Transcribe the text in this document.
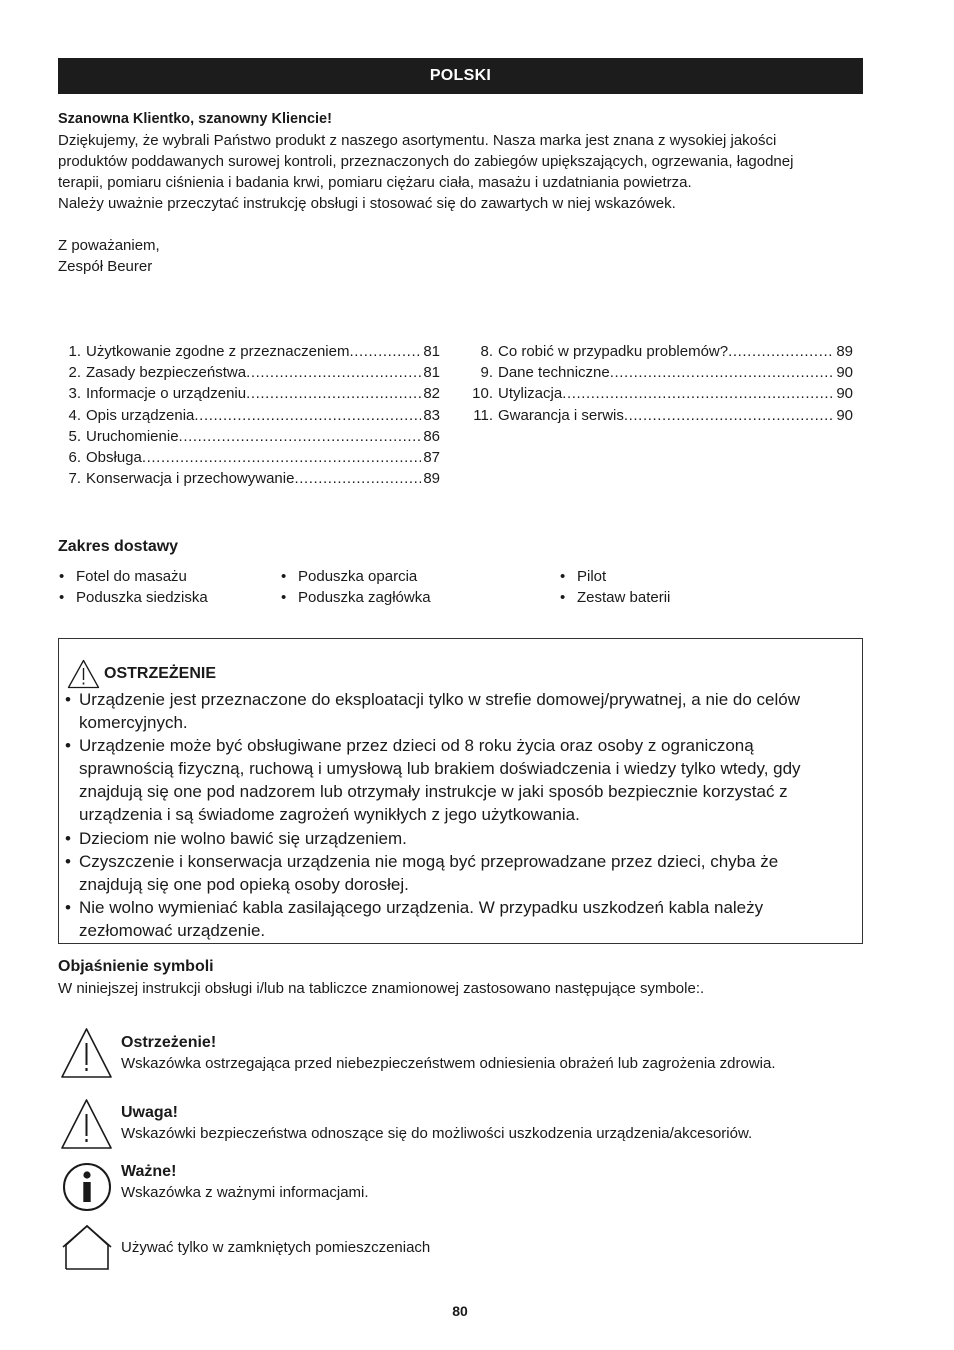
POLSKI

Szanowna Klientko, szanowny Kliencie!

Dziękujemy, że wybrali Państwo produkt z naszego asortymentu. Nasza marka jest znana z wysokiej jakości

produktów poddawanych surowej kontroli, przeznaczonych do zabiegów upiększających, ogrzewania, łagodnej

terapii, pomiaru ciśnienia i badania krwi, pomiaru ciężaru ciała, masażu i uzdatniania powietrza.

Należy uważnie przeczytać instrukcję obsługi i stosować się do zawartych w niej wskazówek.

Z poważaniem,

Zespół Beurer

1. Użytkowanie zgodne z przeznaczeniem .....	81
2. Zasady bezpieczeństwa .....	81
3. Informacje o urządzeniu .....	82
4. Opis urządzenia .....	83
5. Uruchomienie .....	86
6. Obsługa .....	87
7. Konserwacja i przechowywanie .....	89
8. Co robić w przypadku problemów? .....	89
9. Dane techniczne .....	90
10. Utylizacja .....	90
11. Gwarancja i serwis .....	90
Zakres dostawy
• Fotel do masażu
• Poduszka siedziska
• Poduszka oparcia
• Poduszka zagłówka
• Pilot
• Zestaw baterii
OSTRZEŻENIE
• Urządzenie jest przeznaczone do eksploatacji tylko w strefie domowej/prywatnej, a nie do celów komercyjnych.
• Urządzenie może być obsługiwane przez dzieci od 8 roku życia oraz osoby z ograniczoną sprawnością fizyczną, ruchową i umysłową lub brakiem doświadczenia i wiedzy tylko wtedy, gdy znajdują się one pod nadzorem lub otrzymały instrukcje w jaki sposób bezpiecznie korzystać z urządzenia i są świadome zagrożeń wynikłych z jego użytkowania.
• Dzieciom nie wolno bawić się urządzeniem.
• Czyszczenie i konserwacja urządzenia nie mogą być przeprowadzane przez dzieci, chyba że znajdują się one pod opieką osoby dorosłej.
• Nie wolno wymieniać kabla zasilającego urządzenia. W przypadku uszkodzeń kabla należy zezłomować urządzenie.
Objaśnienie symboli
W niniejszej instrukcji obsługi i/lub na tabliczce znamionowej zastosowano następujące symbole:.
Ostrzeżenie!
Wskazówka ostrzegająca przed niebezpieczeństwem odniesienia obrażeń lub zagrożenia zdrowia.
Uwaga!
Wskazówki bezpieczeństwa odnoszące się do możliwości uszkodzenia urządzenia/akcesoriów.
Ważne!
Wskazówka z ważnymi informacjami.
Używać tylko w zamkniętych pomieszczeniach
80
